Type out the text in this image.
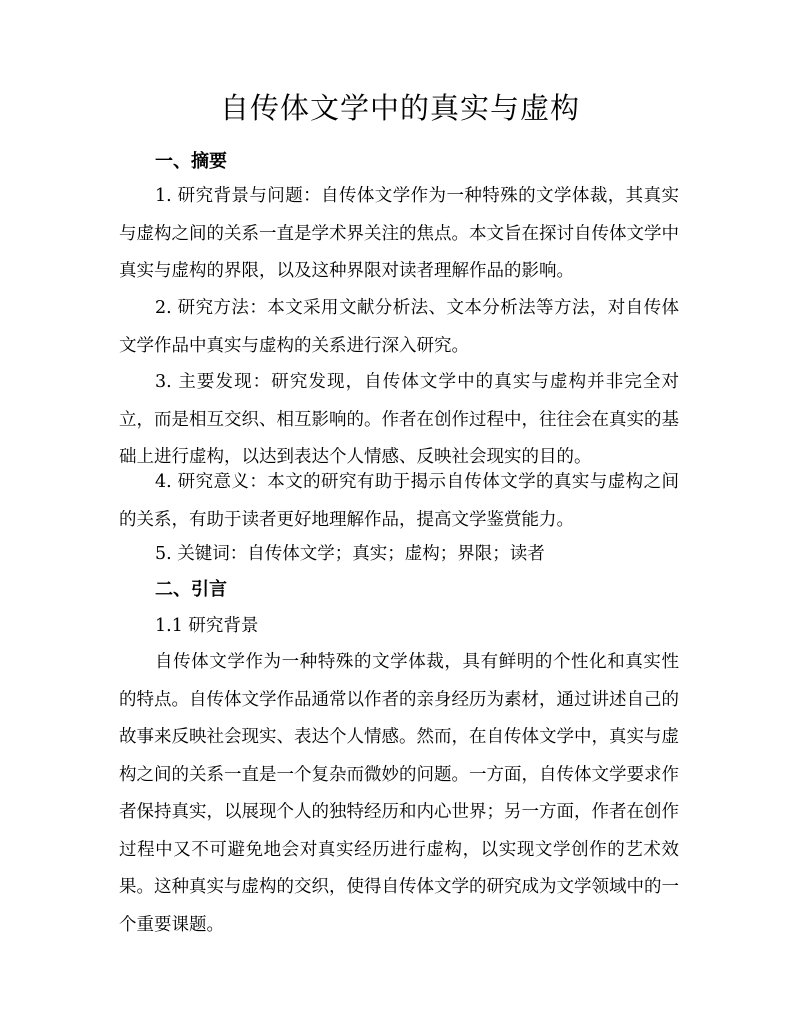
自传体文学中的真实与虚构
一、摘要

1. 研究背景与问题：自传体文学作为一种特殊的文学体裁，其真实与虚构之间的关系一直是学术界关注的焦点。本文旨在探讨自传体文学中真实与虚构的界限，以及这种界限对读者理解作品的影响。

2. 研究方法：本文采用文献分析法、文本分析法等方法，对自传体文学作品中真实与虚构的关系进行深入研究。

3. 主要发现：研究发现，自传体文学中的真实与虚构并非完全对立，而是相互交织、相互影响的。作者在创作过程中，往往会在真实的基础上进行虚构，以达到表达个人情感、反映社会现实的目的。

4. 研究意义：本文的研究有助于揭示自传体文学的真实与虚构之间的关系，有助于读者更好地理解作品，提高文学鉴赏能力。

5. 关键词：自传体文学；真实；虚构；界限；读者

二、引言
1.1 研究背景

自传体文学作为一种特殊的文学体裁，具有鲜明的个性化和真实性的特点。自传体文学作品通常以作者的亲身经历为素材，通过讲述自己的故事来反映社会现实、表达个人情感。然而，在自传体文学中，真实与虚构之间的关系一直是一个复杂而微妙的问题。一方面，自传体文学要求作者保持真实，以展现个人的独特经历和内心世界；另一方面，作者在创作过程中又不可避免地会对真实经历进行虚构，以实现文学创作的艺术效果。这种真实与虚构的交织，使得自传体文学的研究成为文学领域中的一个重要课题。
